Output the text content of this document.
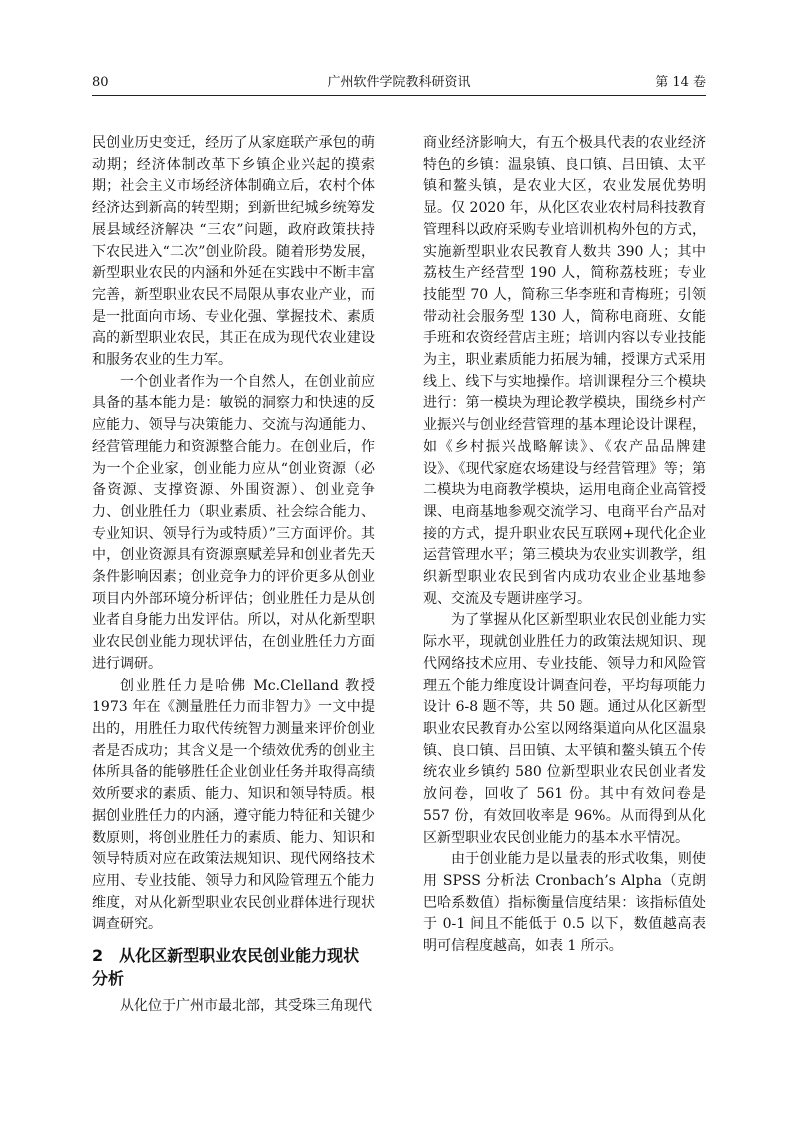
80	广州软件学院教科研资讯	第 14 卷

民创业历史变迁，经历了从家庭联产承包的萌动期；经济体制改革下乡镇企业兴起的摸索期；社会主义市场经济体制确立后，农村个体经济达到新高的转型期；到新世纪城乡统筹发展县域经济解决 “三农”问题，政府政策扶持下农民进入“二次”创业阶段。随着形势发展，新型职业农民的内涵和外延在实践中不断丰富完善，新型职业农民不局限从事农业产业，而是一批面向市场、专业化强、掌握技术、素质高的新型职业农民，其正在成为现代农业建设和服务农业的生力军。

一个创业者作为一个自然人，在创业前应具备的基本能力是：敏锐的洞察力和快速的反应能力、领导与决策能力、交流与沟通能力、经营管理能力和资源整合能力。在创业后，作为一个企业家，创业能力应从“创业资源（必备资源、支撑资源、外围资源）、创业竞争力、创业胜任力（职业素质、社会综合能力、专业知识、领导行为或特质）”三方面评价。其中，创业资源具有资源禀赋差异和创业者先天条件影响因素；创业竞争力的评价更多从创业项目内外部环境分析评估；创业胜任力是从创业者自身能力出发评估。所以，对从化新型职业农民创业能力现状评估，在创业胜任力方面进行调研。

创业胜任力是哈佛 Mc.Clelland 教授 1973 年在《测量胜任力而非智力》一文中提出的，用胜任力取代传统智力测量来评价创业者是否成功；其含义是一个绩效优秀的创业主体所具备的能够胜任企业创业任务并取得高绩效所要求的素质、能力、知识和领导特质。根据创业胜任力的内涵，遵守能力特征和关键少数原则，将创业胜任力的素质、能力、知识和领导特质对应在政策法规知识、现代网络技术应用、专业技能、领导力和风险管理五个能力维度，对从化新型职业农民创业群体进行现状调查研究。

2　从化区新型职业农民创业能力现状分析

从化位于广州市最北部，其受珠三角现代

商业经济影响大，有五个极具代表的农业经济特色的乡镇：温泉镇、良口镇、吕田镇、太平镇和鳌头镇，是农业大区，农业发展优势明显。仅 2020 年，从化区农业农村局科技教育管理科以政府采购专业培训机构外包的方式，实施新型职业农民教育人数共 390 人；其中荔枝生产经营型 190 人，简称荔枝班；专业技能型 70 人，简称三华李班和青梅班；引领带动社会服务型 130 人，简称电商班、女能手班和农资经营店主班；培训内容以专业技能为主，职业素质能力拓展为辅，授课方式采用线上、线下与实地操作。培训课程分三个模块进行：第一模块为理论教学模块，围绕乡村产业振兴与创业经营管理的基本理论设计课程，如《乡村振兴战略解读》、《农产品品牌建设》、《现代家庭农场建设与经营管理》等；第二模块为电商教学模块，运用电商企业高管授课、电商基地参观交流学习、电商平台产品对接的方式，提升职业农民互联网+现代化企业运营管理水平；第三模块为农业实训教学，组织新型职业农民到省内成功农业企业基地参观、交流及专题讲座学习。

为了掌握从化区新型职业农民创业能力实际水平，现就创业胜任力的政策法规知识、现代网络技术应用、专业技能、领导力和风险管理五个能力维度设计调查问卷，平均每项能力设计 6-8 题不等，共 50 题。通过从化区新型职业农民教育办公室以网络渠道向从化区温泉镇、良口镇、吕田镇、太平镇和鳌头镇五个传统农业乡镇约 580 位新型职业农民创业者发放问卷，回收了 561 份。其中有效问卷是 557 份，有效回收率是 96%。从而得到从化区新型职业农民创业能力的基本水平情况。

由于创业能力是以量表的形式收集，则使用 SPSS 分析法 Cronbach’s Alpha（克朗巴哈系数值）指标衡量信度结果：该指标值处于 0-1 间且不能低于 0.5 以下，数值越高表明可信程度越高，如表 1 所示。
